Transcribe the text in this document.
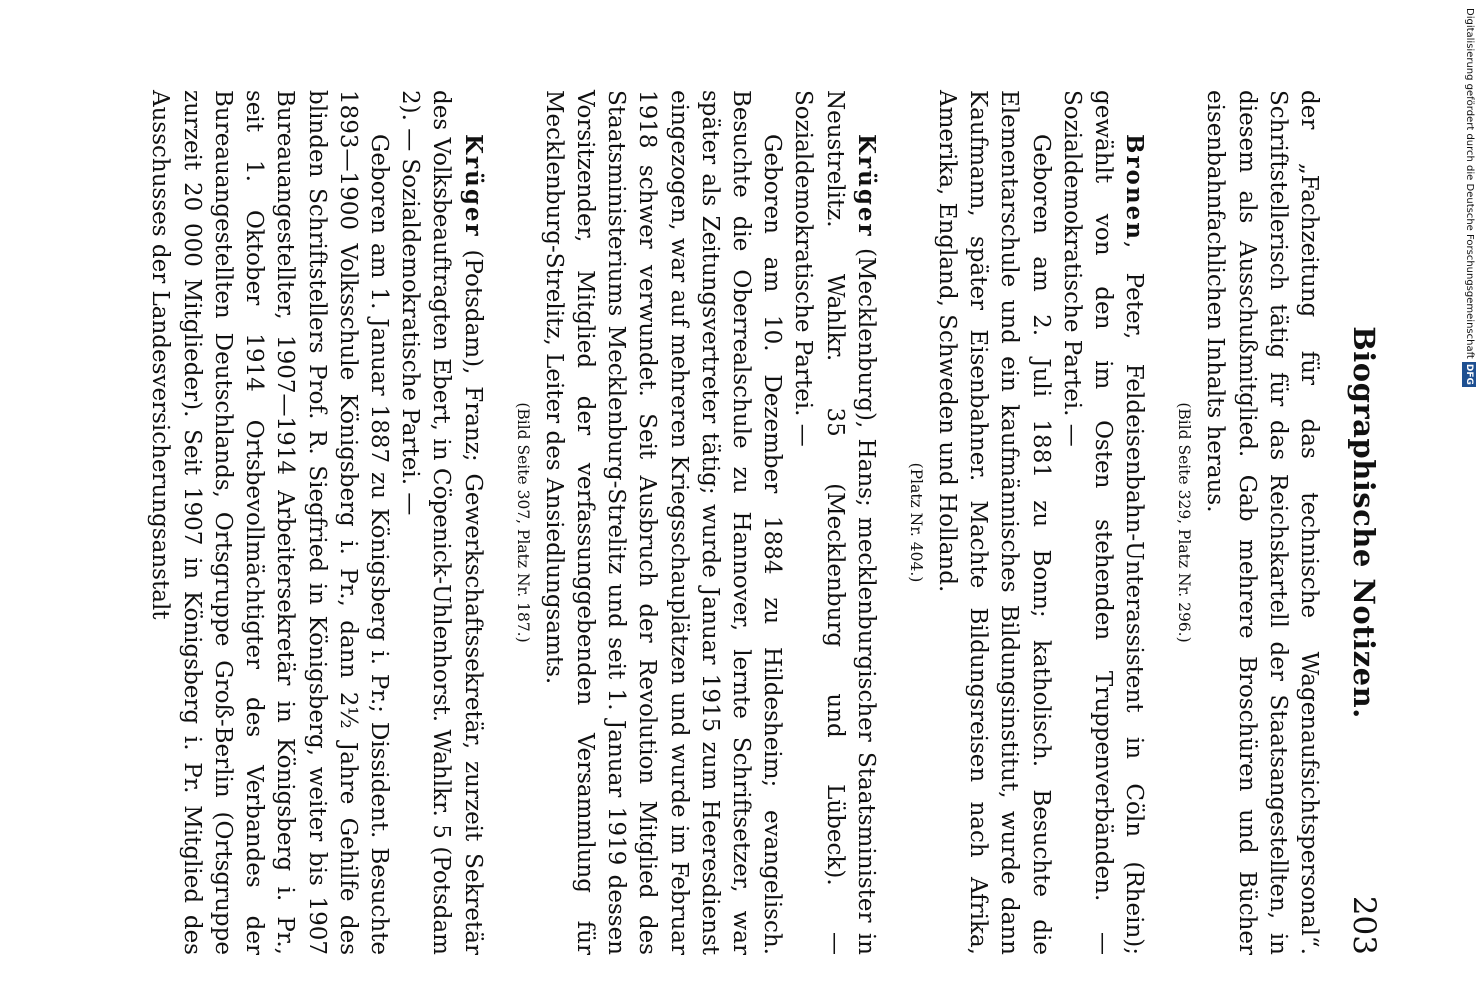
Biographische Notizen.
203

der „Fachzeitung für das technische Wagenaufsichtspersonal“. Schriftstellerisch tätig für das Reichskartell der Staatsangestellten, in diesem als Ausschußmitglied. Gab mehrere Broschüren und Bücher eisenbahnfachlichen Inhalts heraus.

(Bild Seite 329, Platz Nr. 296.)

Bronen, Peter, Feldeisenbahn-Unterassistent in Cöln (Rhein); gewählt von den im Osten stehenden Truppenverbänden. — Sozialdemokratische Partei. —

Geboren am 2. Juli 1881 zu Bonn; katholisch. Besuchte die Elementarschule und ein kaufmännisches Bildungsinstitut, wurde dann Kaufmann, später Eisenbahner. Machte Bildungsreisen nach Afrika, Amerika, England, Schweden und Holland.

(Platz Nr. 404.)

Krüger (Mecklenburg), Hans; mecklenburgischer Staatsminister in Neustrelitz. Wahlkr. 35 (Mecklenburg und Lübeck). — Sozialdemokratische Partei. —

Geboren am 10. Dezember 1884 zu Hildesheim; evangelisch. Besuchte die Oberrealschule zu Hannover, lernte Schriftsetzer, war später als Zeitungsvertreter tätig; wurde Januar 1915 zum Heeresdienst eingezogen, war auf mehreren Kriegsschauplätzen und wurde im Februar 1918 schwer verwundet. Seit Ausbruch der Revolution Mitglied des Staatsministeriums Mecklenburg-Strelitz und seit 1. Januar 1919 dessen Vorsitzender, Mitglied der verfassunggebenden Versammlung für Mecklenburg-Strelitz, Leiter des Ansiedlungsamts.

(Bild Seite 307, Platz Nr. 187.)

Krüger (Potsdam), Franz; Gewerkschaftssekretär, zurzeit Sekretär des Volksbeauftragten Ebert, in Cöpenick-Uhlenhorst. Wahlkr. 5 (Potsdam 2). — Sozialdemokratische Partei. —

Geboren am 1. Januar 1887 zu Königsberg i. Pr.; Dissident. Besuchte 1893—1900 Volksschule Königsberg i. Pr., dann 2½ Jahre Gehilfe des blinden Schriftstellers Prof. R. Siegfried in Königsberg, weiter bis 1907 Bureauangestellter, 1907—1914 Arbeitersekretär in Königsberg i. Pr., seit 1. Oktober 1914 Ortsbevollmächtigter des Verbandes der Bureauangestellten Deutschlands, Ortsgruppe Groß-Berlin (Ortsgruppe zurzeit 20 000 Mitglieder). Seit 1907 in Königsberg i. Pr. Mitglied des Ausschusses der Landesversicherungsanstalt	Digitalisierung gefördert durch die Deutsche ForschungsgemeinschaftDFG
